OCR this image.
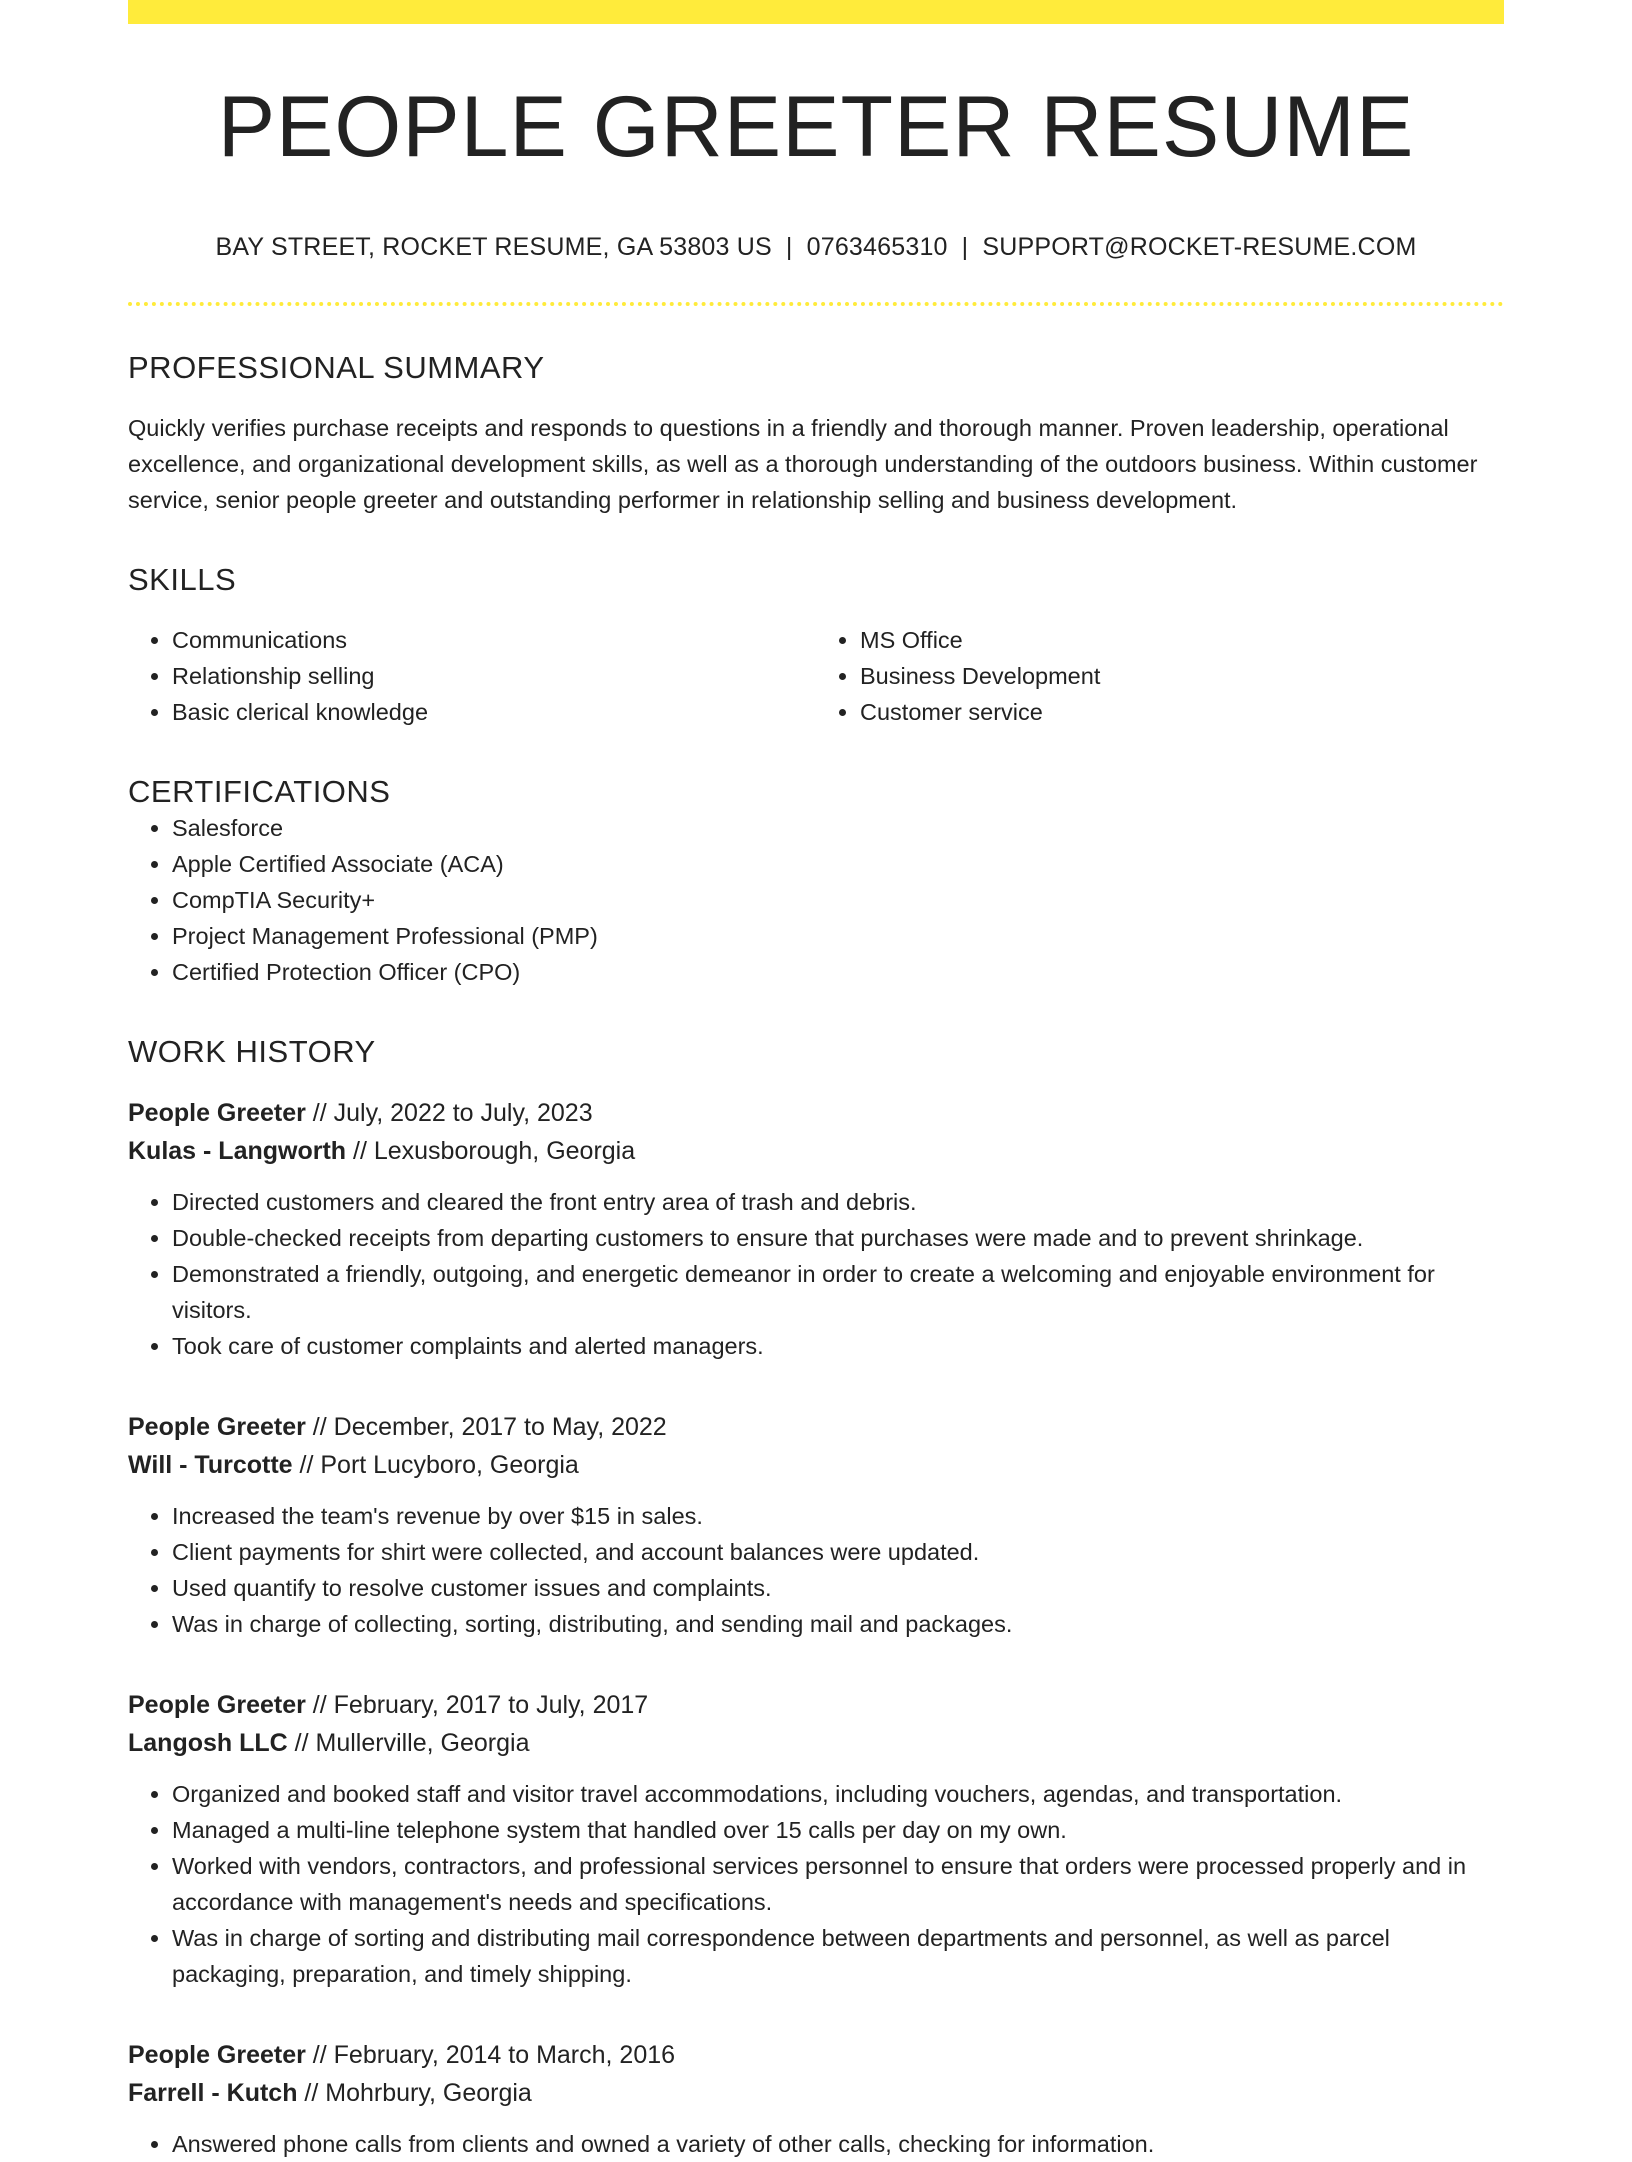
PEOPLE GREETER RESUME
BAY STREET, ROCKET RESUME, GA 53803 US | 0763465310 | SUPPORT@ROCKET-RESUME.COM
PROFESSIONAL SUMMARY

Quickly verifies purchase receipts and responds to questions in a friendly and thorough manner. Proven leadership, operational excellence, and organizational development skills, as well as a thorough understanding of the outdoors business. Within customer service, senior people greeter and outstanding performer in relationship selling and business development.

SKILLS
• Communications
• Relationship selling
• Basic clerical knowledge
• MS Office
• Business Development
• Customer service
CERTIFICATIONS
• Salesforce
• Apple Certified Associate (ACA)
• CompTIA Security+
• Project Management Professional (PMP)
• Certified Protection Officer (CPO)
WORK HISTORY
People Greeter // July, 2022 to July, 2023
Kulas - Langworth // Lexusborough, Georgia
• Directed customers and cleared the front entry area of trash and debris.
• Double-checked receipts from departing customers to ensure that purchases were made and to prevent shrinkage.
• Demonstrated a friendly, outgoing, and energetic demeanor in order to create a welcoming and enjoyable environment for visitors.
• Took care of customer complaints and alerted managers.
People Greeter // December, 2017 to May, 2022
Will - Turcotte // Port Lucyboro, Georgia
• Increased the team's revenue by over $15 in sales.
• Client payments for shirt were collected, and account balances were updated.
• Used quantify to resolve customer issues and complaints.
• Was in charge of collecting, sorting, distributing, and sending mail and packages.
People Greeter // February, 2017 to July, 2017
Langosh LLC // Mullerville, Georgia
• Organized and booked staff and visitor travel accommodations, including vouchers, agendas, and transportation.
• Managed a multi-line telephone system that handled over 15 calls per day on my own.
• Worked with vendors, contractors, and professional services personnel to ensure that orders were processed properly and in accordance with management's needs and specifications.
• Was in charge of sorting and distributing mail correspondence between departments and personnel, as well as parcel packaging, preparation, and timely shipping.
People Greeter // February, 2014 to March, 2016
Farrell - Kutch // Mohrbury, Georgia
• Answered phone calls from clients and owned a variety of other calls, checking for information.
